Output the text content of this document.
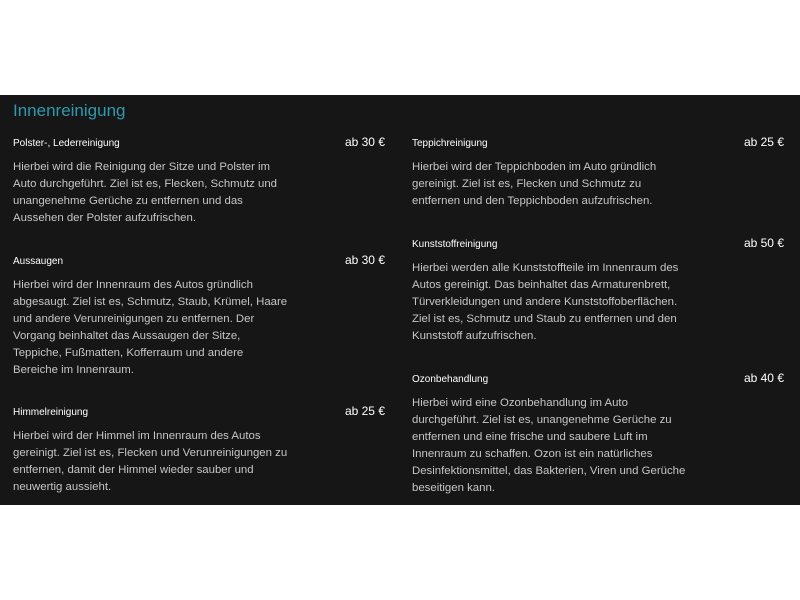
Innenreinigung
Polster-, Lederreinigung	ab 30 €

Hierbei wird die Reinigung der Sitze und Polster im Auto durchgeführt. Ziel ist es, Flecken, Schmutz und unangenehme Gerüche zu entfernen und das Aussehen der Polster aufzufrischen.

Aussaugen	ab 30 €

Hierbei wird der Innenraum des Autos gründlich abgesaugt. Ziel ist es, Schmutz, Staub, Krümel, Haare und andere Verunreinigungen zu entfernen. Der Vorgang beinhaltet das Aussaugen der Sitze, Teppiche, Fußmatten, Kofferraum und andere Bereiche im Innenraum.

Himmelreinigung	ab 25 €

Hierbei wird der Himmel im Innenraum des Autos gereinigt. Ziel ist es, Flecken und Verunreinigungen zu entfernen, damit der Himmel wieder sauber und neuwertig aussieht.

Teppichreinigung	ab 25 €

Hierbei wird der Teppichboden im Auto gründlich gereinigt. Ziel ist es, Flecken und Schmutz zu entfernen und den Teppichboden aufzufrischen.

Kunststoffreinigung	ab 50 €

Hierbei werden alle Kunststoffteile im Innenraum des Autos gereinigt. Das beinhaltet das Armaturenbrett, Türverkleidungen und andere Kunststoffoberflächen. Ziel ist es, Schmutz und Staub zu entfernen und den Kunststoff aufzufrischen.

Ozonbehandlung	ab 40 €

Hierbei wird eine Ozonbehandlung im Auto durchgeführt. Ziel ist es, unangenehme Gerüche zu entfernen und eine frische und saubere Luft im Innenraum zu schaffen. Ozon ist ein natürliches Desinfektionsmittel, das Bakterien, Viren und Gerüche beseitigen kann.
